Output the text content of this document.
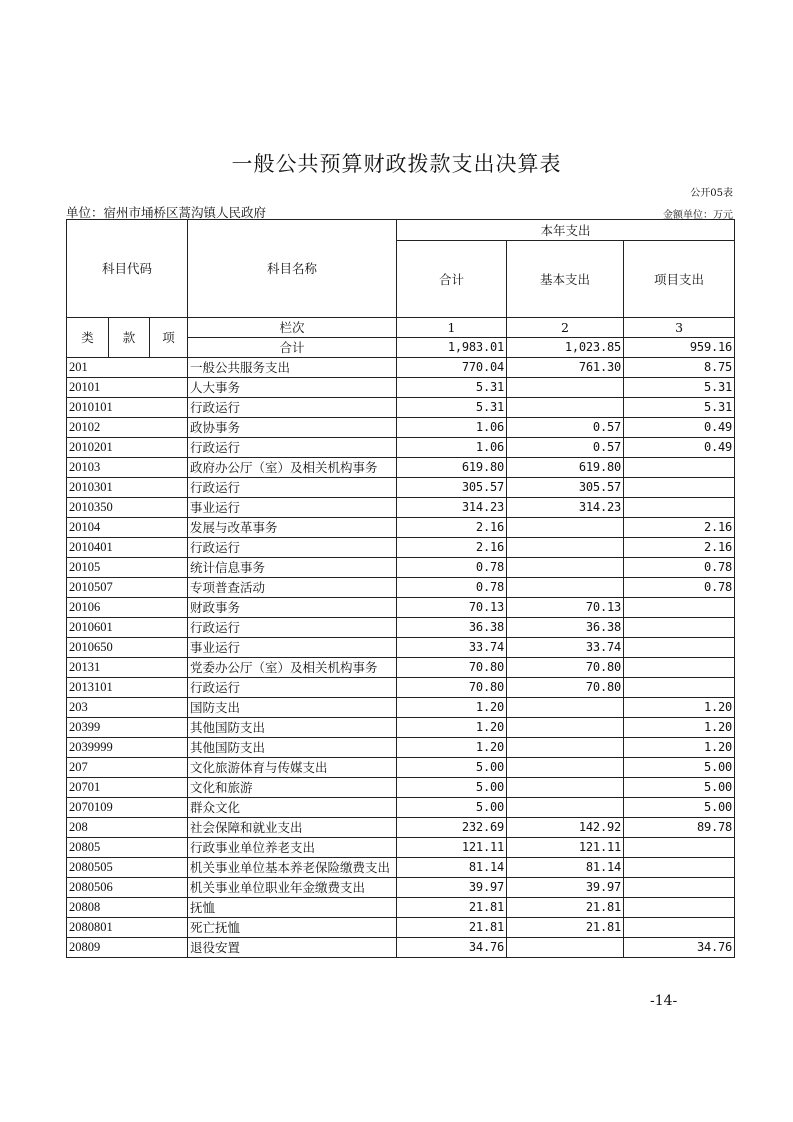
一般公共预算财政拨款支出决算表
公开05表
单位：宿州市埇桥区蒿沟镇人民政府	金额单位：万元
科目代码			科目名称	本年支出		
				合计	基本支出	项目支出
类	款	项	栏次	1	2	3
			合计	1,983.01	1,023.85	959.16
201			一般公共服务支出	770.04	761.30	8.75
20101			人大事务	5.31		5.31
2010101			行政运行	5.31		5.31
20102			政协事务	1.06	0.57	0.49
2010201			行政运行	1.06	0.57	0.49
20103			政府办公厅（室）及相关机构事务	619.80	619.80	
2010301			行政运行	305.57	305.57	
2010350			事业运行	314.23	314.23	
20104			发展与改革事务	2.16		2.16
2010401			行政运行	2.16		2.16
20105			统计信息事务	0.78		0.78
2010507			专项普查活动	0.78		0.78
20106			财政事务	70.13	70.13	
2010601			行政运行	36.38	36.38	
2010650			事业运行	33.74	33.74	
20131			党委办公厅（室）及相关机构事务	70.80	70.80	
2013101			行政运行	70.80	70.80	
203			国防支出	1.20		1.20
20399			其他国防支出	1.20		1.20
2039999			其他国防支出	1.20		1.20
207			文化旅游体育与传媒支出	5.00		5.00
20701			文化和旅游	5.00		5.00
2070109			群众文化	5.00		5.00
208			社会保障和就业支出	232.69	142.92	89.78
20805			行政事业单位养老支出	121.11	121.11	
2080505			机关事业单位基本养老保险缴费支出	81.14	81.14	
2080506			机关事业单位职业年金缴费支出	39.97	39.97	
20808			抚恤	21.81	21.81	
2080801			死亡抚恤	21.81	21.81	
20809			退役安置	34.76		34.76
-14-
